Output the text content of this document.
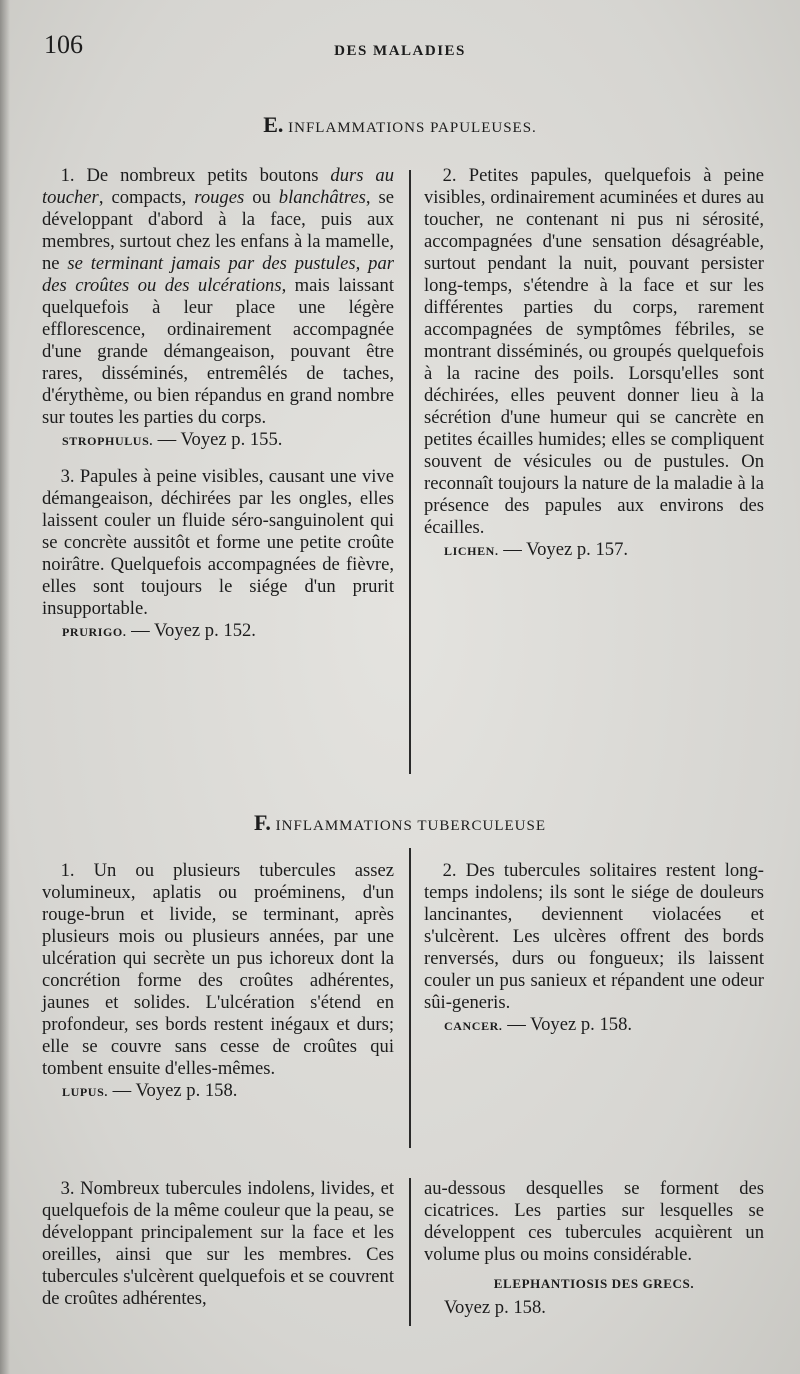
106	DES MALADIES
E. INFLAMMATIONS PAPULEUSES.

1. De nombreux petits boutons durs au toucher, compacts, rouges ou blanchâtres, se développant d'abord à la face, puis aux membres, surtout chez les enfans à la mamelle, ne se terminant jamais par des pustules, par des croûtes ou des ulcérations, mais laissant quelquefois à leur place une légère efflorescence, ordinairement accompagnée d'une grande démangeaison, pouvant être rares, disséminés, entremêlés de taches, d'érythème, ou bien répandus en grand nombre sur toutes les parties du corps.

STROPHULUS. — Voyez p. 155.

3. Papules à peine visibles, causant une vive démangeaison, déchirées par les ongles, elles laissent couler un fluide séro-sanguinolent qui se concrète aussitôt et forme une petite croûte noirâtre. Quelquefois accompagnées de fièvre, elles sont toujours le siége d'un prurit insupportable.

PRURIGO. — Voyez p. 152.

2. Petites papules, quelquefois à peine visibles, ordinairement acuminées et dures au toucher, ne contenant ni pus ni sérosité, accompagnées d'une sensation désagréable, surtout pendant la nuit, pouvant persister long-temps, s'étendre à la face et sur les différentes parties du corps, rarement accompagnées de symptômes fébriles, se montrant disséminés, ou groupés quelquefois à la racine des poils. Lorsqu'elles sont déchirées, elles peuvent donner lieu à la sécrétion d'une humeur qui se cancrète en petites écailles humides; elles se compliquent souvent de vésicules ou de pustules. On reconnaît toujours la nature de la maladie à la présence des papules aux environs des écailles.

LICHEN. — Voyez p. 157.

F. INFLAMMATIONS TUBERCULEUSE

1. Un ou plusieurs tubercules assez volumineux, aplatis ou proéminens, d'un rouge-brun et livide, se terminant, après plusieurs mois ou plusieurs années, par une ulcération qui secrète un pus ichoreux dont la concrétion forme des croûtes adhérentes, jaunes et solides. L'ulcération s'étend en profondeur, ses bords restent inégaux et durs; elle se couvre sans cesse de croûtes qui tombent ensuite d'elles-mêmes.

LUPUS. — Voyez p. 158.

3. Nombreux tubercules indolens, livides, et quelquefois de la même couleur que la peau, se développant principalement sur la face et les oreilles, ainsi que sur les membres. Ces tubercules s'ulcèrent quelquefois et se couvrent de croûtes adhérentes,

2. Des tubercules solitaires restent long-temps indolens; ils sont le siége de douleurs lancinantes, deviennent violacées et s'ulcèrent. Les ulcères offrent des bords renversés, durs ou fongueux; ils laissent couler un pus sanieux et répandent une odeur sûi-generis.

CANCER. — Voyez p. 158.

au-dessous desquelles se forment des cicatrices. Les parties sur lesquelles se développent ces tubercules acquièrent un volume plus ou moins considérable.

ELEPHANTIOSIS DES GRECS.

Voyez p. 158.
